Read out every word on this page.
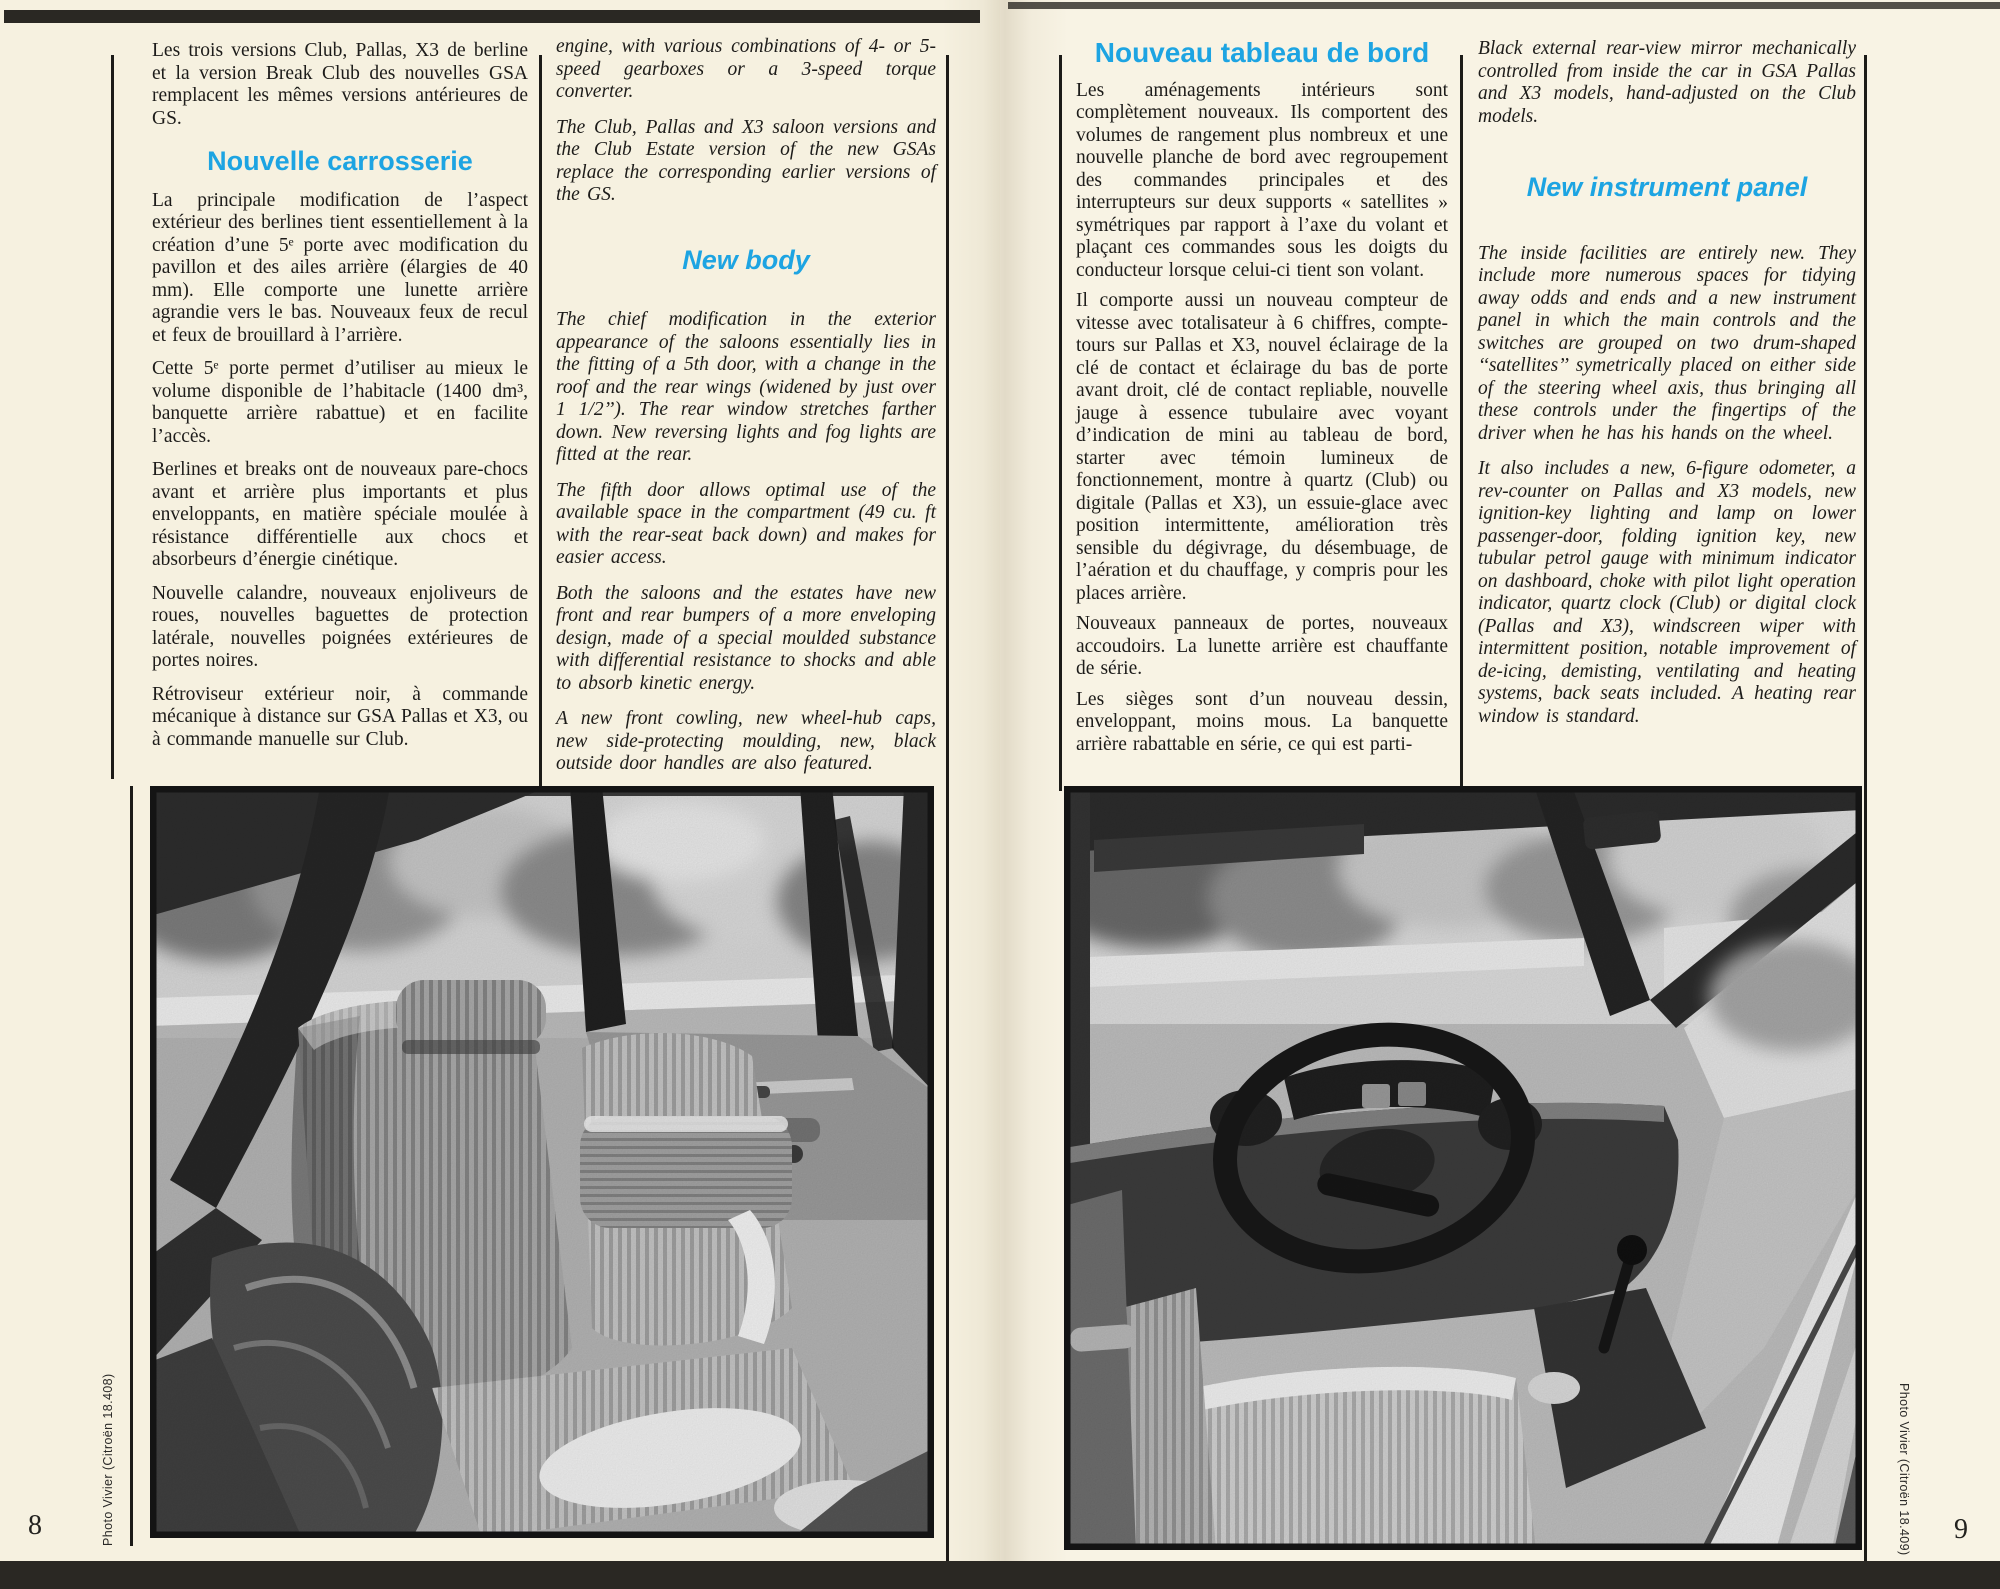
Les trois versions Club, Pallas, X3 de berline et la version Break Club des nouvelles GSA remplacent les mêmes versions antérieures de GS.

Nouvelle carrosserie

La principale modification de l’aspect extérieur des berlines tient essentiellement à la création d’une 5ᵉ porte avec modification du pavillon et des ailes arrière (élargies de 40 mm). Elle comporte une lunette arrière agrandie vers le bas. Nouveaux feux de recul et feux de brouillard à l’arrière.

Cette 5ᵉ porte permet d’utiliser au mieux le volume disponible de l’habitacle (1400 dm³, banquette arrière rabattue) et en facilite l’accès.

Berlines et breaks ont de nouveaux pare-chocs avant et arrière plus importants et plus enveloppants, en matière spéciale moulée à résistance différentielle aux chocs et absorbeurs d’énergie cinétique.

Nouvelle calandre, nouveaux enjoliveurs de roues, nouvelles baguettes de protection latérale, nouvelles poignées extérieures de portes noires.

Rétroviseur extérieur noir, à commande mécanique à distance sur GSA Pallas et X3, ou à commande manuelle sur Club.

engine, with various combinations of 4- or 5-speed gearboxes or a 3-speed torque converter.

The Club, Pallas and X3 saloon versions and the Club Estate version of the new GSAs replace the corresponding earlier versions of the GS.

New body

The chief modification in the exterior appearance of the saloons essentially lies in the fitting of a 5th door, with a change in the roof and the rear wings (widened by just over 1 1/2’’). The rear window stretches farther down. New reversing lights and fog lights are fitted at the rear.

The fifth door allows optimal use of the available space in the compartment (49 cu. ft with the rear-seat back down) and makes for easier access.

Both the saloons and the estates have new front and rear bumpers of a more enveloping design, made of a special moulded substance with differential resistance to shocks and able to absorb kinetic energy.

A new front cowling, new wheel-hub caps, new side-protecting moulding, new, black outside door handles are also featured.

Nouveau tableau de bord

Les aménagements intérieurs sont complètement nouveaux. Ils comportent des volumes de rangement plus nombreux et une nouvelle planche de bord avec regroupement des commandes principales et des interrupteurs sur deux supports « satellites » symétriques par rapport à l’axe du volant et plaçant ces commandes sous les doigts du conducteur lorsque celui-ci tient son volant.

Il comporte aussi un nouveau compteur de vitesse avec totalisateur à 6 chiffres, compte-tours sur Pallas et X3, nouvel éclairage de la clé de contact et éclairage du bas de porte avant droit, clé de contact repliable, nouvelle jauge à essence tubulaire avec voyant d’indication de mini au tableau de bord, starter avec témoin lumineux de fonctionnement, montre à quartz (Club) ou digitale (Pallas et X3), un essuie-glace avec position intermittente, amélioration très sensible du dégivrage, du désembuage, de l’aération et du chauffage, y compris pour les places arrière.

Nouveaux panneaux de portes, nouveaux accoudoirs. La lunette arrière est chauffante de série.

Les sièges sont d’un nouveau dessin, enveloppant, moins mous. La banquette arrière rabattable en série, ce qui est parti-

Black external rear-view mirror mechanically controlled from inside the car in GSA Pallas and X3 models, hand-adjusted on the Club models.

New instrument panel

The inside facilities are entirely new. They include more numerous spaces for tidying away odds and ends and a new instrument panel in which the main controls and the switches are grouped on two drum-shaped ‘‘satellites’’ symetrically placed on either side of the steering wheel axis, thus bringing all these controls under the fingertips of the driver when he has his hands on the wheel.

It also includes a new, 6-figure odometer, a rev-counter on Pallas and X3 models, new ignition-key lighting and lamp on lower passenger-door, folding ignition key, new tubular petrol gauge with minimum indicator on dashboard, choke with pilot light operation indicator, quartz clock (Club) or digital clock (Pallas and X3), windscreen wiper with intermittent position, notable improvement of de-icing, demisting, ventilating and heating systems, back seats included. A heating rear window is standard.

Photo Vivier (Citroën 18.408)	Photo Vivier (Citroën 18.409)
8	9
